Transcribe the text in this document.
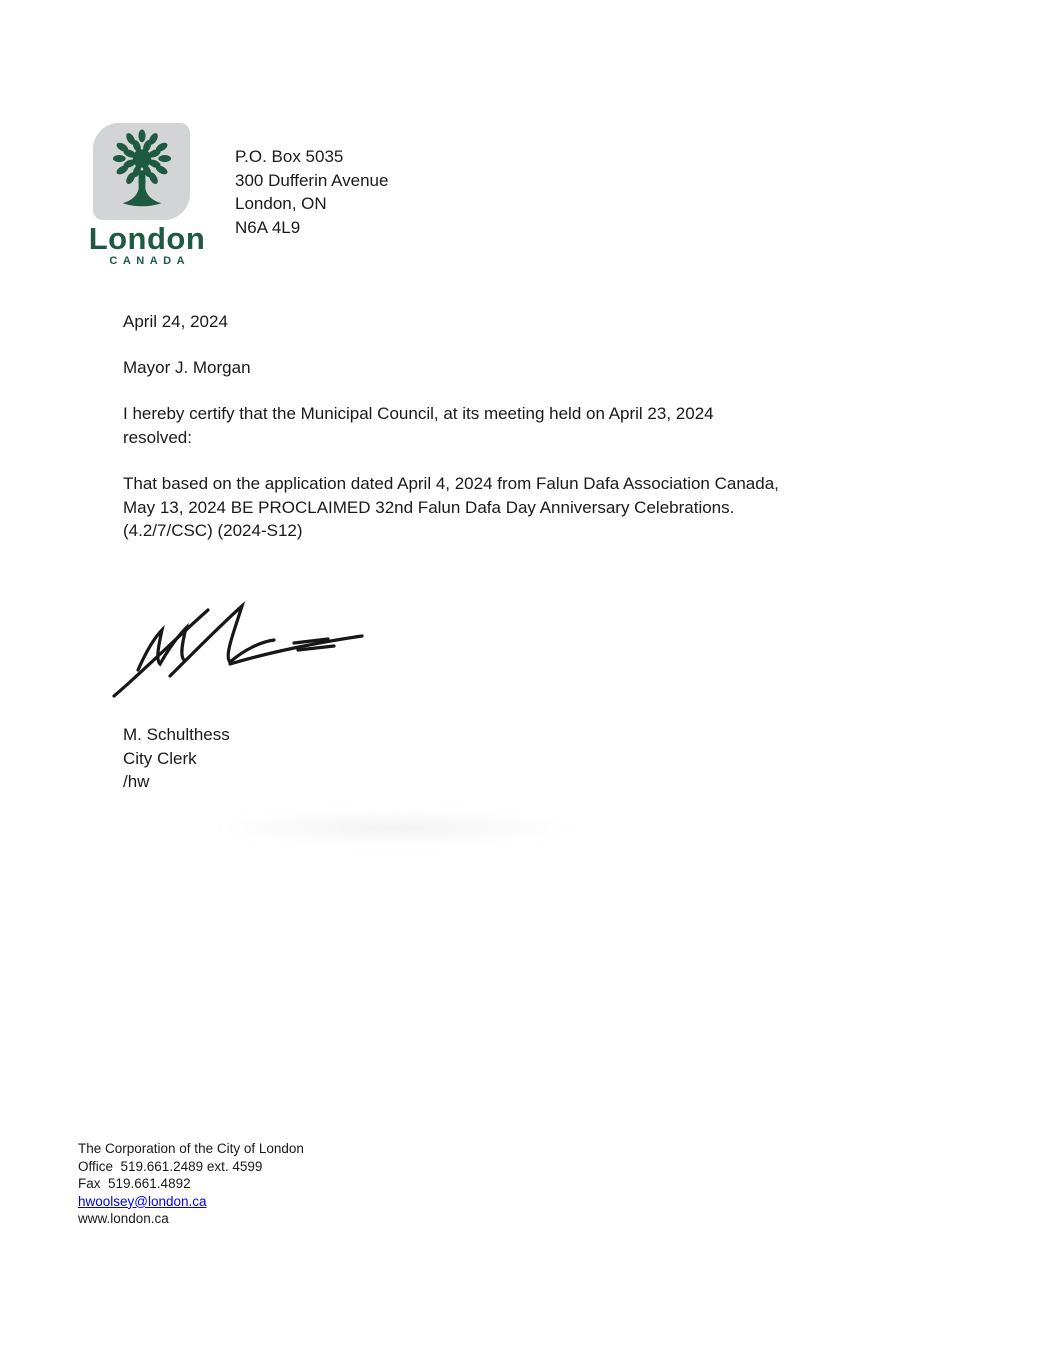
London
CANADA
P.O. Box 5035
300 Dufferin Avenue
London, ON
N6A 4L9
April 24, 2024
Mayor J. Morgan
I hereby certify that the Municipal Council, at its meeting held on April 23, 2024
resolved:
That based on the application dated April 4, 2024 from Falun Dafa Association Canada,
May 13, 2024 BE PROCLAIMED 32nd Falun Dafa Day Anniversary Celebrations.
(4.2/7/CSC) (2024-S12)
M. Schulthess
City Clerk
/hw
The Corporation of the City of London
Office  519.661.2489 ext. 4599
Fax  519.661.4892
hwoolsey@london.ca
www.london.ca
